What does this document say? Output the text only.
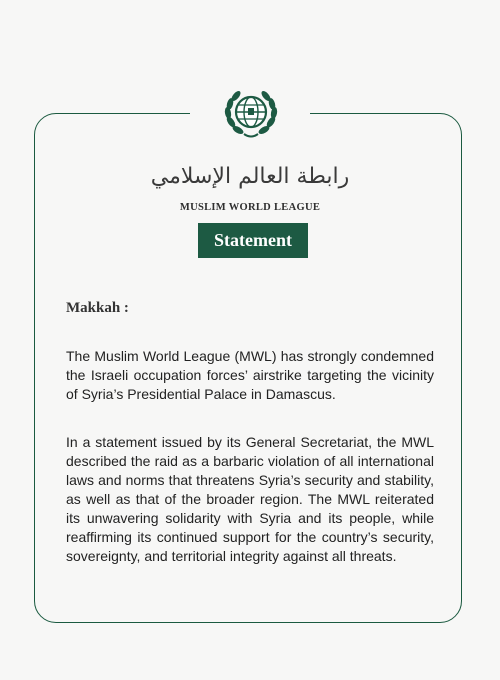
رابطة العالم الإسلامي
MUSLIM WORLD LEAGUE
Statement
Makkah :

The Muslim World League (MWL) has strongly condemned the Israeli occupation forces’ airstrike targeting the vicinity of Syria’s Presidential Palace in Damascus.

In a statement issued by its General Secretariat, the MWL described the raid as a barbaric violation of all international laws and norms that threatens Syria’s security and stability, as well as that of the broader region. The MWL reiterated its unwavering solidarity with Syria and its people, while reaffirming its continued support for the country’s security, sovereignty, and territorial integrity against all threats.
